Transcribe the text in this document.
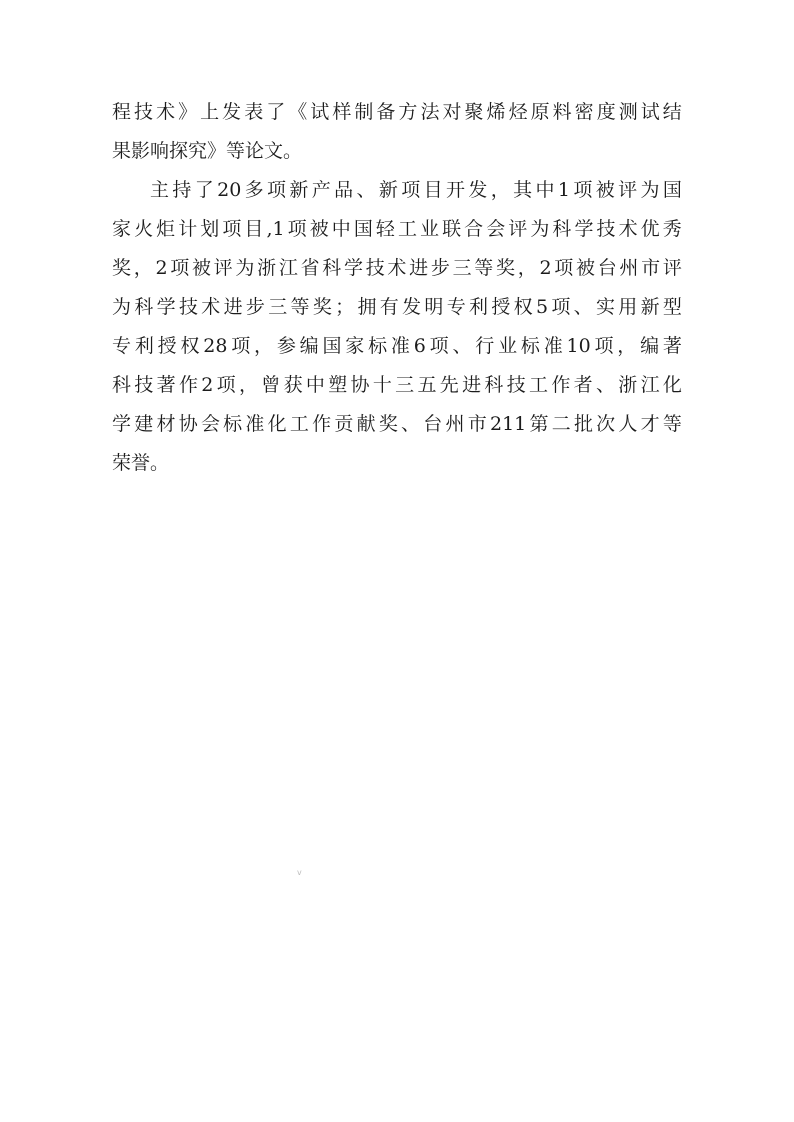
程 技 术 》 上 发 表 了 《 试 样 制 备 方 法 对 聚 烯 烃 原 料 密 度 测 试 结
果影响探究》等论文。
主 持 了 20 多 项 新 产 品 、 新 项 目 开 发 ， 其 中 1 项 被 评 为 国
家 火 炬 计 划 项 目 ,1 项 被 中 国 轻 工 业 联 合 会 评 为 科 学 技 术 优 秀
奖 ， 2 项 被 评 为 浙 江 省 科 学 技 术 进 步 三 等 奖 ， 2 项 被 台 州 市 评
为 科 学 技 术 进 步 三 等 奖 ； 拥 有 发 明 专 利 授 权 5 项 、 实 用 新 型
专 利 授 权 28 项 ， 参 编 国 家 标 准 6 项 、 行 业 标 准 10 项 ， 编 著
科 技 著 作 2 项 ， 曾 获 中 塑 协 十 三 五 先 进 科 技 工 作 者 、 浙 江 化
学 建 材 协 会 标 准 化 工 作 贡 献 奖 、 台 州 市 211 第 二 批 次 人 才 等
荣誉。
v
